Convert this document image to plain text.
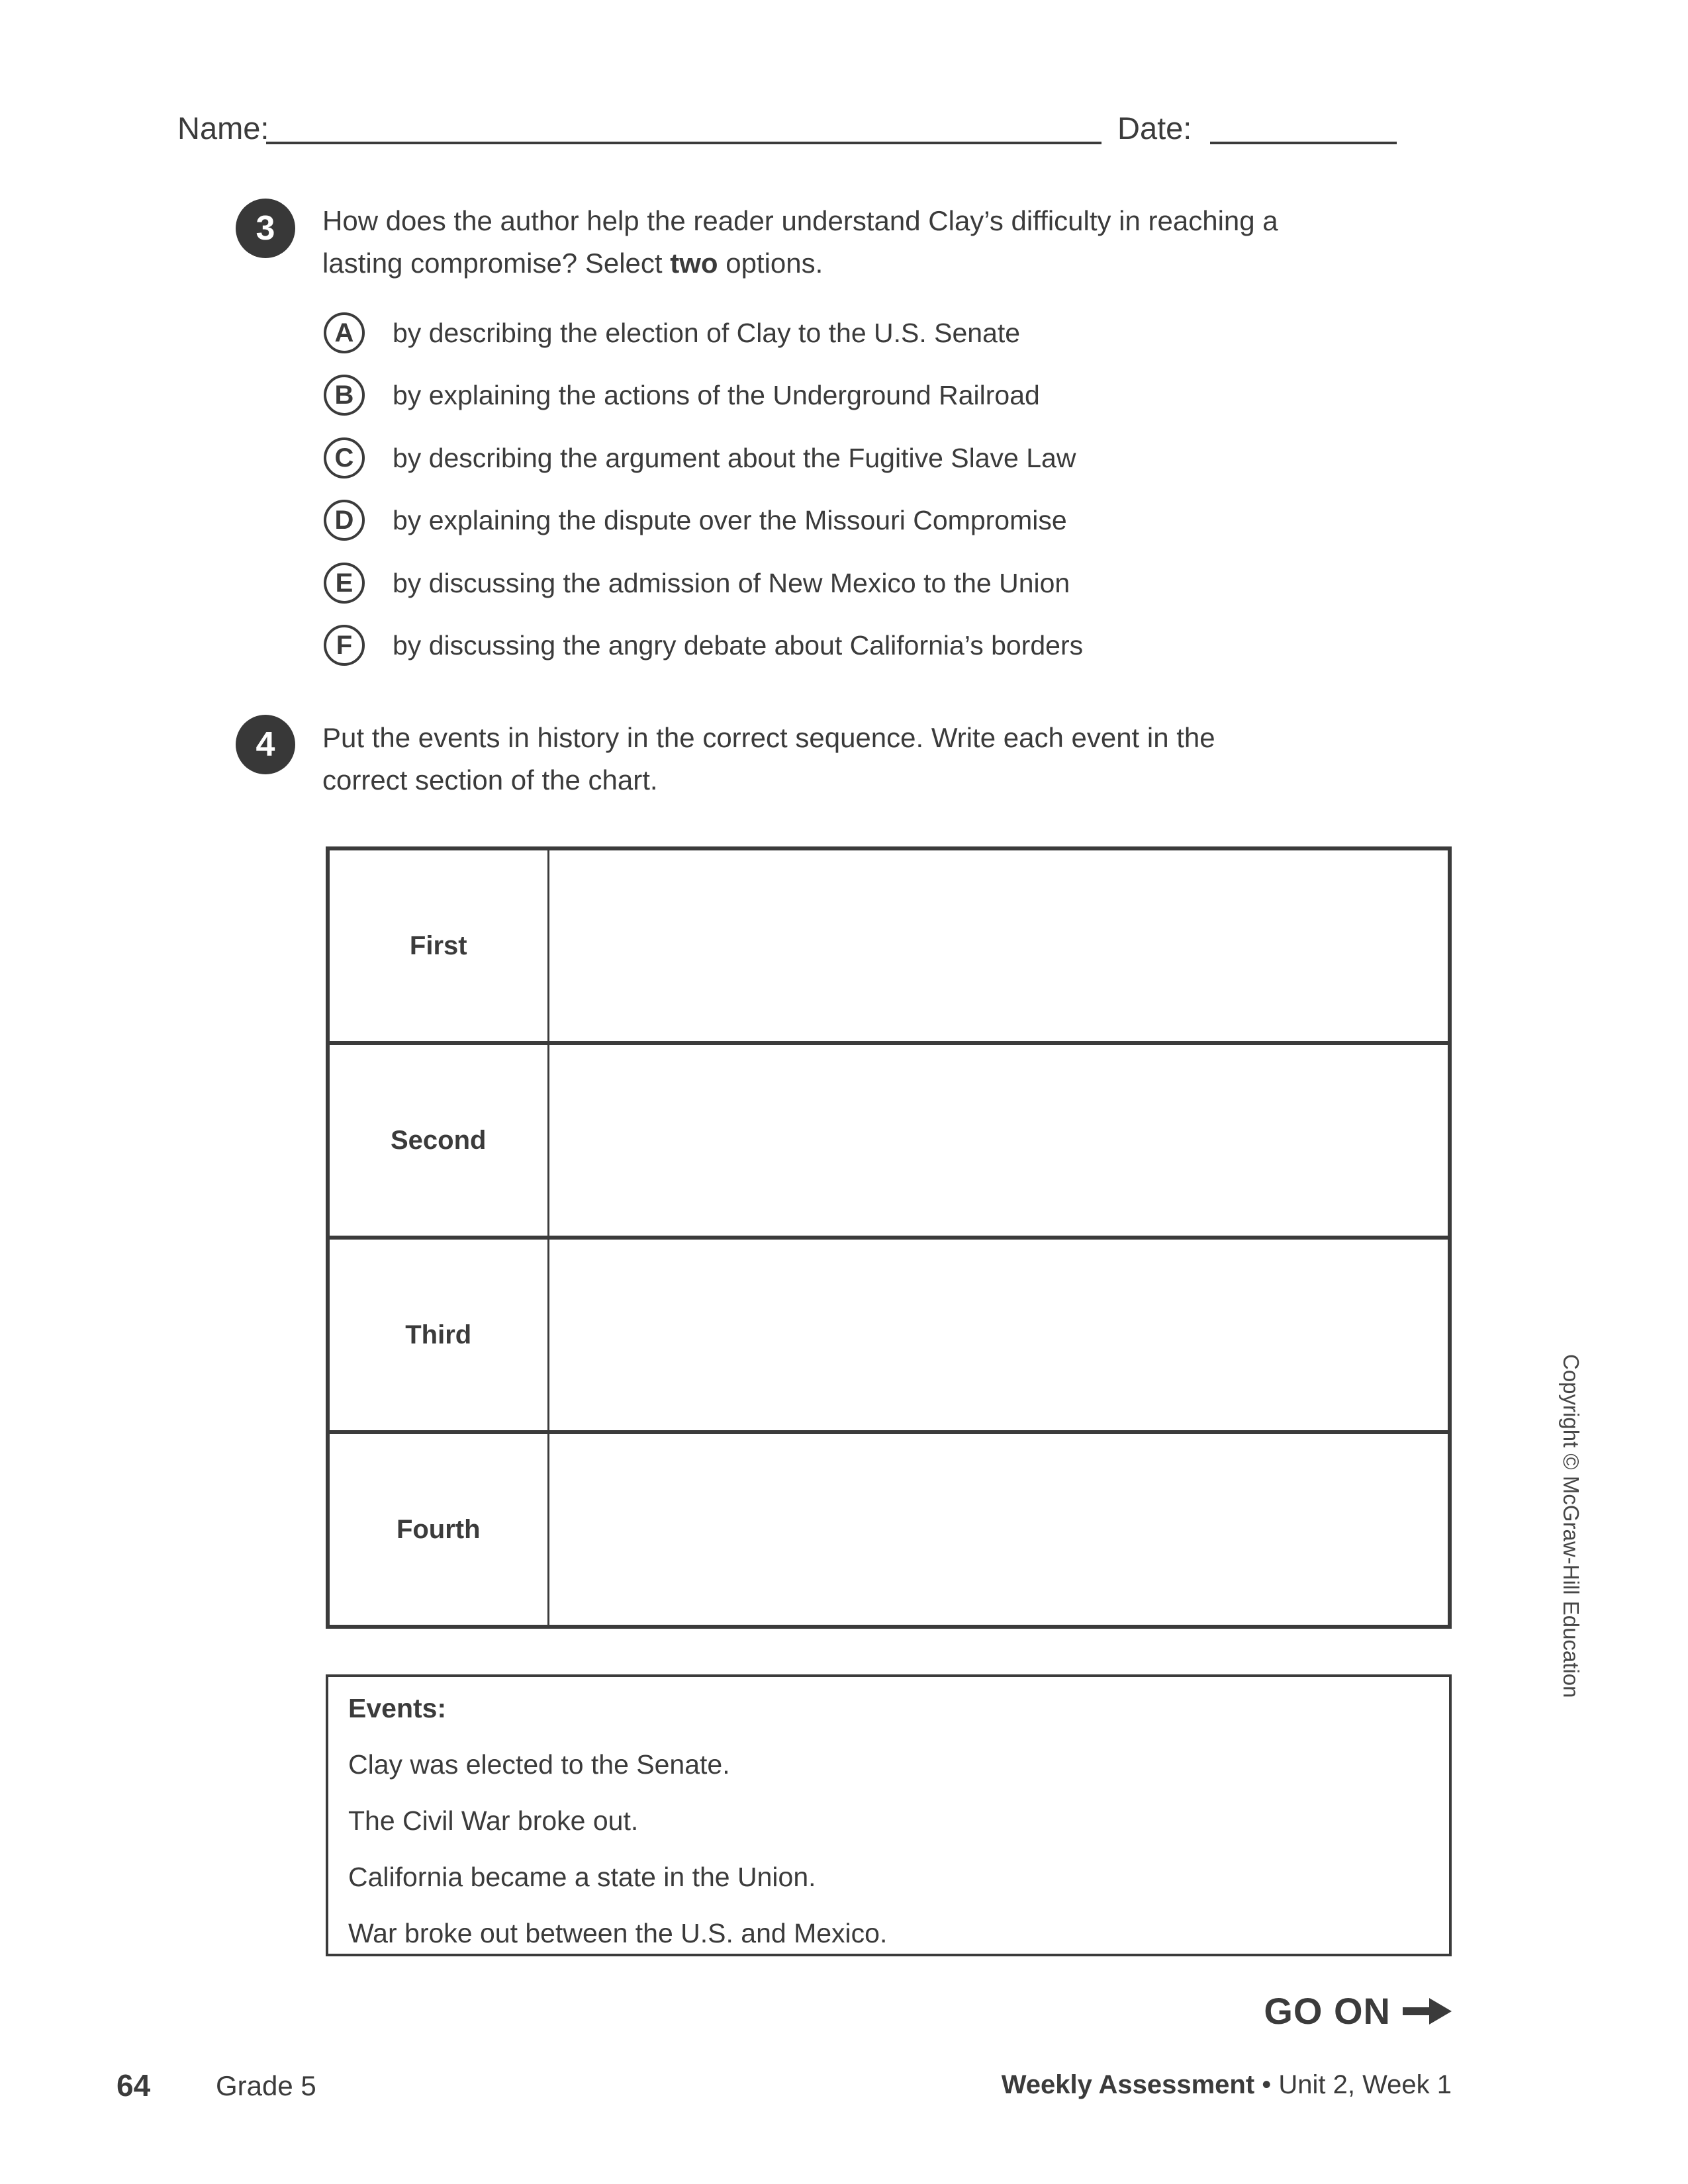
Name:	Date:
3	How does the author help the reader understand Clay’s difficulty in reaching a
lasting compromise? Select two options.
A	by describing the election of Clay to the U.S. Senate
B	by explaining the actions of the Underground Railroad
C	by describing the argument about the Fugitive Slave Law
D	by explaining the dispute over the Missouri Compromise
E	by discussing the admission of New Mexico to the Union
F	by discussing the angry debate about California’s borders
4	Put the events in history in the correct sequence. Write each event in the
correct section of the chart.
First	
Second	
Third	
Fourth	
Events:

Clay was elected to the Senate.

The Civil War broke out.

California became a state in the Union.

War broke out between the U.S. and Mexico.

GO ON
64 Grade 5	Weekly Assessment • Unit 2, Week 1
Copyright © McGraw-Hill Education
